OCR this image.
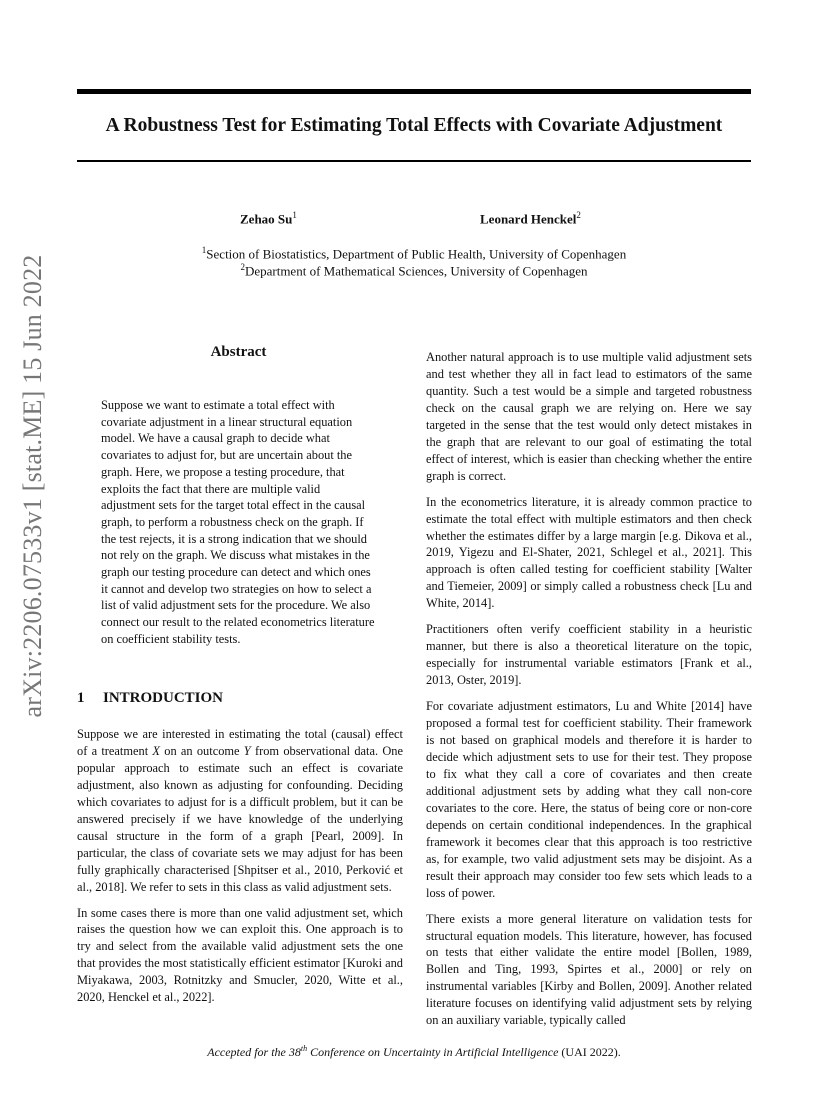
arXiv:2206.07533v1 [stat.ME] 15 Jun 2022
A Robustness Test for Estimating Total Effects with Covariate Adjustment
Zehao Su$^1$	Leonard Henckel$^2$
$^1$Section of Biostatistics, Department of Public Health, University of Copenhagen
$^2$Department of Mathematical Sciences, University of Copenhagen
Abstract
Suppose we want to estimate a total effect with covariate adjustment in a linear structural equation model. We have a causal graph to decide what covariates to adjust for, but are uncertain about the graph. Here, we propose a testing procedure, that exploits the fact that there are multiple valid adjustment sets for the target total effect in the causal graph, to perform a robustness check on the graph. If the test rejects, it is a strong indication that we should not rely on the graph. We discuss what mistakes in the graph our testing procedure can detect and which ones it cannot and develop two strategies on how to select a list of valid adjustment sets for the procedure. We also connect our result to the related econometrics literature on coefficient stability tests.
1 INTRODUCTION

Suppose we are interested in estimating the total (causal) effect of a treatment X on an outcome Y from observational data. One popular approach to estimate such an effect is covariate adjustment, also known as adjusting for confounding. Deciding which covariates to adjust for is a difficult problem, but it can be answered precisely if we have knowledge of the underlying causal structure in the form of a graph [Pearl, 2009]. In particular, the class of covariate sets we may adjust for has been fully graphically characterised [Shpitser et al., 2010, Perković et al., 2018]. We refer to sets in this class as valid adjustment sets.

In some cases there is more than one valid adjustment set, which raises the question how we can exploit this. One approach is to try and select from the available valid adjustment sets the one that provides the most statistically efficient estimator [Kuroki and Miyakawa, 2003, Rotnitzky and Smucler, 2020, Witte et al., 2020, Henckel et al., 2022].

Another natural approach is to use multiple valid adjustment sets and test whether they all in fact lead to estimators of the same quantity. Such a test would be a simple and targeted robustness check on the causal graph we are relying on. Here we say targeted in the sense that the test would only detect mistakes in the graph that are relevant to our goal of estimating the total effect of interest, which is easier than checking whether the entire graph is correct.

In the econometrics literature, it is already common practice to estimate the total effect with multiple estimators and then check whether the estimates differ by a large margin [e.g. Dikova et al., 2019, Yigezu and El-Shater, 2021, Schlegel et al., 2021]. This approach is often called testing for coefficient stability [Walter and Tiemeier, 2009] or simply called a robustness check [Lu and White, 2014].

Practitioners often verify coefficient stability in a heuristic manner, but there is also a theoretical literature on the topic, especially for instrumental variable estimators [Frank et al., 2013, Oster, 2019].

For covariate adjustment estimators, Lu and White [2014] have proposed a formal test for coefficient stability. Their framework is not based on graphical models and therefore it is harder to decide which adjustment sets to use for their test. They propose to fix what they call a core of covariates and then create additional adjustment sets by adding what they call non-core covariates to the core. Here, the status of being core or non-core depends on certain conditional independences. In the graphical framework it becomes clear that this approach is too restrictive as, for example, two valid adjustment sets may be disjoint. As a result their approach may consider too few sets which leads to a loss of power.

There exists a more general literature on validation tests for structural equation models. This literature, however, has focused on tests that either validate the entire model [Bollen, 1989, Bollen and Ting, 1993, Spirtes et al., 2000] or rely on instrumental variables [Kirby and Bollen, 2009]. Another related literature focuses on identifying valid adjustment sets by relying on an auxiliary variable, typically called

Accepted for the 38th Conference on Uncertainty in Artificial Intelligence (UAI 2022).
